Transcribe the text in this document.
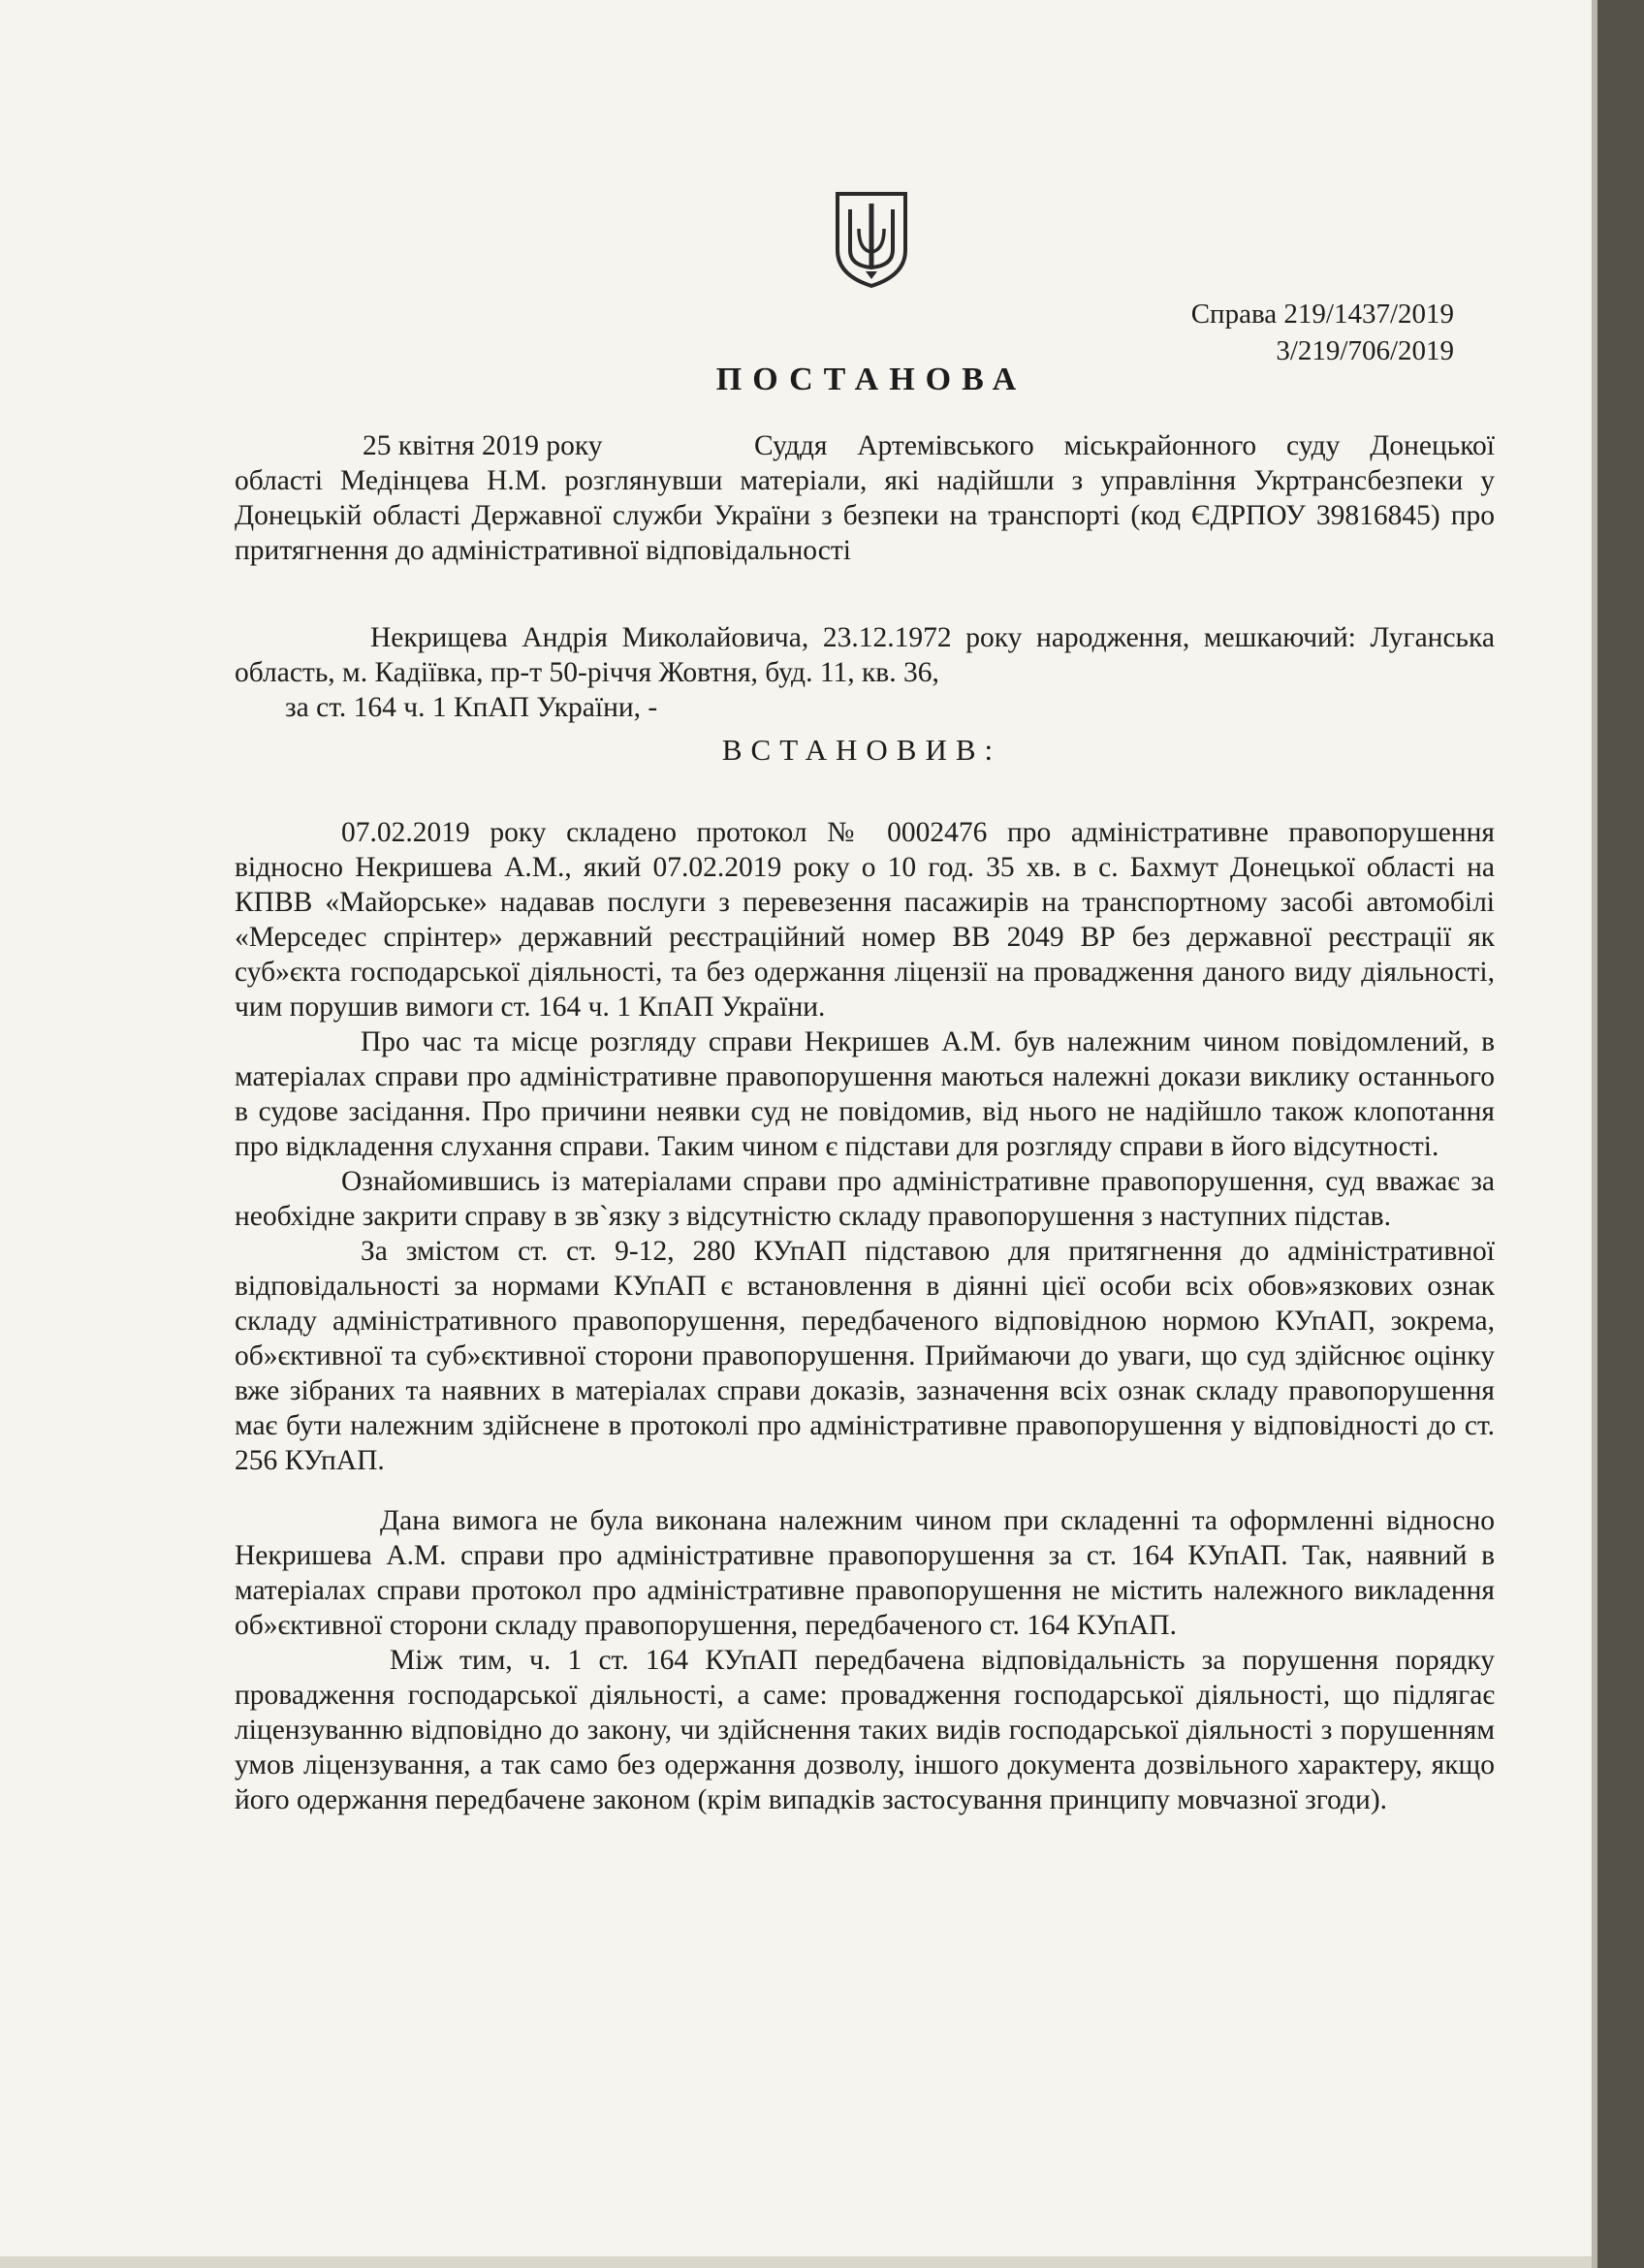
Справа 219/1437/2019
3/219/706/2019
ПОСТАНОВА

25 квітня 2019 року	Суддя Артемівського міськрайонного суду Донецької області Медінцева Н.М. розглянувши матеріали, які надійшли з управління Укртрансбезпеки у Донецькій області Державної служби України з безпеки на транспорті (код ЄДРПОУ 39816845) про притягнення до адміністративної відповідальності

Некрищева Андрія Миколайовича, 23.12.1972 року народження, мешкаючий: Луганська область, м. Кадіївка, пр-т 50-річчя Жовтня, буд. 11, кв. 36,

за ст. 164 ч. 1 КпАП України, -

ВСТАНОВИВ:

07.02.2019 року складено протокол № 0002476 про адміністративне правопорушення відносно Некришева А.М., який 07.02.2019 року о 10 год. 35 хв. в с. Бахмут Донецької області на КПВВ «Майорське» надавав послуги з перевезення пасажирів на транспортному засобі автомобілі «Мерседес спрінтер» державний реєстраційний номер ВВ 2049 ВР без державної реєстрації як суб»єкта господарської діяльності, та без одержання ліцензії на провадження даного виду діяльності, чим порушив вимоги ст. 164 ч. 1 КпАП України.

Про час та місце розгляду справи Некришев А.М. був належним чином повідомлений, в матеріалах справи про адміністративне правопорушення маються належні докази виклику останнього в судове засідання. Про причини неявки суд не повідомив, від нього не надійшло також клопотання про відкладення слухання справи. Таким чином є підстави для розгляду справи в його відсутності.

Ознайомившись із матеріалами справи про адміністративне правопорушення, суд вважає за необхідне закрити справу в зв`язку з відсутністю складу правопорушення з наступних підстав.

За змістом ст. ст. 9-12, 280 КУпАП підставою для притягнення до адміністративної відповідальності за нормами КУпАП є встановлення в діянні цієї особи всіх обов»язкових ознак складу адміністративного правопорушення, передбаченого відповідною нормою КУпАП, зокрема, об»єктивної та суб»єктивної сторони правопорушення. Приймаючи до уваги, що суд здійснює оцінку вже зібраних та наявних в матеріалах справи доказів, зазначення всіх ознак складу правопорушення має бути належним здійснене в протоколі про адміністративне правопорушення у відповідності до ст. 256 КУпАП.

Дана вимога не була виконана належним чином при складенні та оформленні відносно Некришева А.М. справи про адміністративне правопорушення за ст. 164 КУпАП. Так, наявний в матеріалах справи протокол про адміністративне правопорушення не містить належного викладення об»єктивної сторони складу правопорушення, передбаченого ст. 164 КУпАП.

Між тим, ч. 1 ст. 164 КУпАП передбачена відповідальність за порушення порядку провадження господарської діяльності, а саме: провадження господарської діяльності, що підлягає ліцензуванню відповідно до закону, чи здійснення таких видів господарської діяльності з порушенням умов ліцензування, а так само без одержання дозволу, іншого документа дозвільного характеру, якщо його одержання передбачене законом (крім випадків застосування принципу мовчазної згоди).
